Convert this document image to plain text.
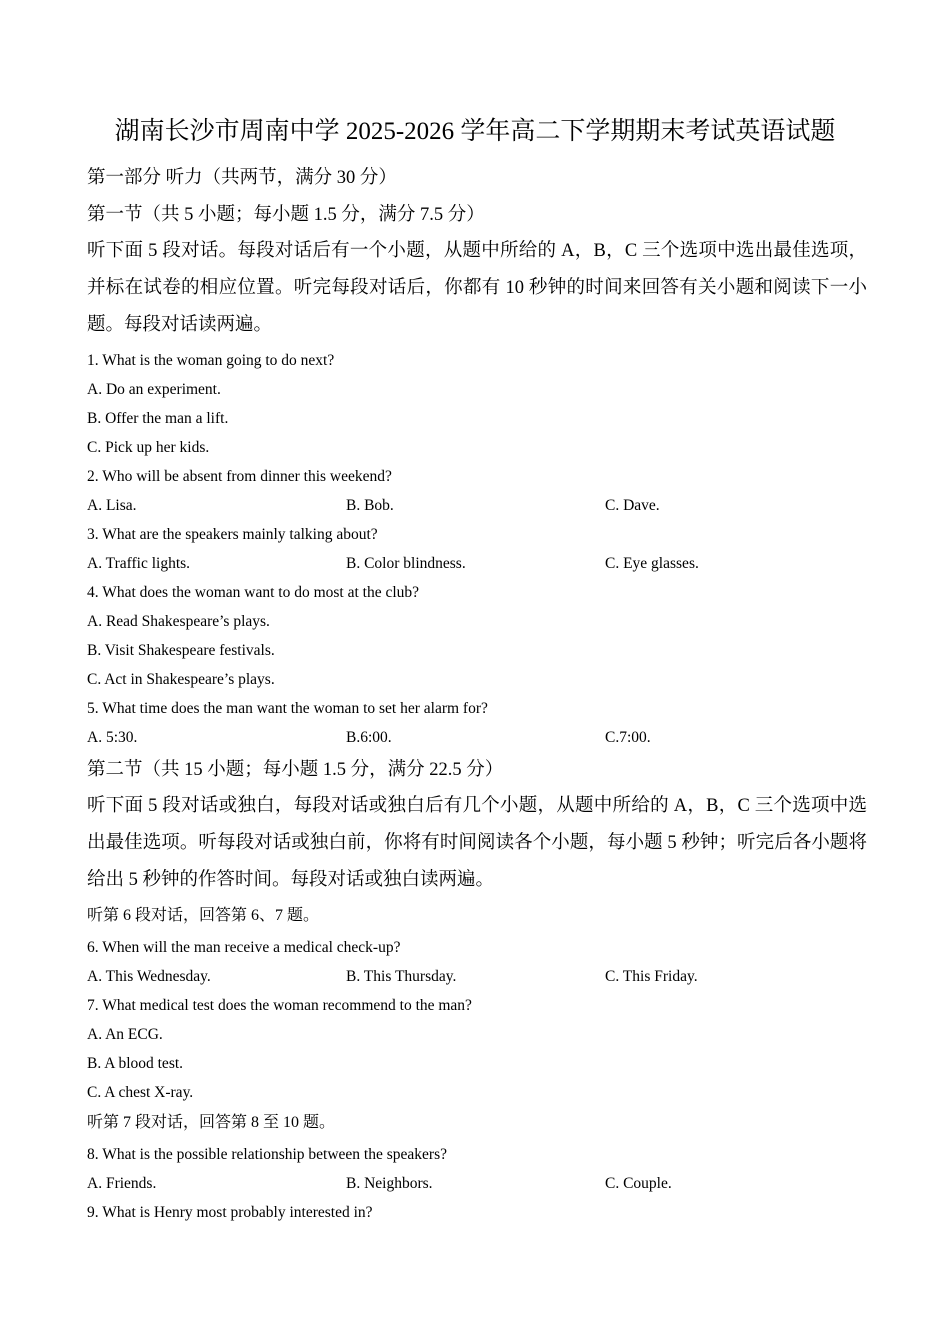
湖南长沙市周南中学 2025-2026 学年高二下学期期末考试英语试题
第一部分 听力（共两节，满分 30 分）
第一节（共 5 小题；每小题 1.5 分，满分 7.5 分）
听下面 5 段对话。每段对话后有一个小题，从题中所给的 A，B，C 三个选项中选出最佳选项，并标在试卷的相应位置。听完每段对话后，你都有 10 秒钟的时间来回答有关小题和阅读下一小题。每段对话读两遍。
1. What is the woman going to do next?
A. Do an experiment.
B. Offer the man a lift.
C. Pick up her kids.
2. Who will be absent from dinner this weekend?
A. Lisa.	B. Bob.	C. Dave.
3. What are the speakers mainly talking about?
A. Traffic lights.	B. Color blindness.	C. Eye glasses.
4. What does the woman want to do most at the club?
A. Read Shakespeare’s plays.
B. Visit Shakespeare festivals.
C. Act in Shakespeare’s plays.
5. What time does the man want the woman to set her alarm for?
A. 5:30.	B.6:00.	C.7:00.
第二节（共 15 小题；每小题 1.5 分，满分 22.5 分）
听下面 5 段对话或独白，每段对话或独白后有几个小题，从题中所给的 A，B，C 三个选项中选出最佳选项。听每段对话或独白前，你将有时间阅读各个小题，每小题 5 秒钟；听完后各小题将给出 5 秒钟的作答时间。每段对话或独白读两遍。
听第 6 段对话，回答第 6、7 题。
6. When will the man receive a medical check-up?
A. This Wednesday.	B. This Thursday.	C. This Friday.
7. What medical test does the woman recommend to the man?
A. An ECG.
B. A blood test.
C. A chest X-ray.
听第 7 段对话，回答第 8 至 10 题。
8. What is the possible relationship between the speakers?
A. Friends.	B. Neighbors.	C. Couple.
9. What is Henry most probably interested in?
